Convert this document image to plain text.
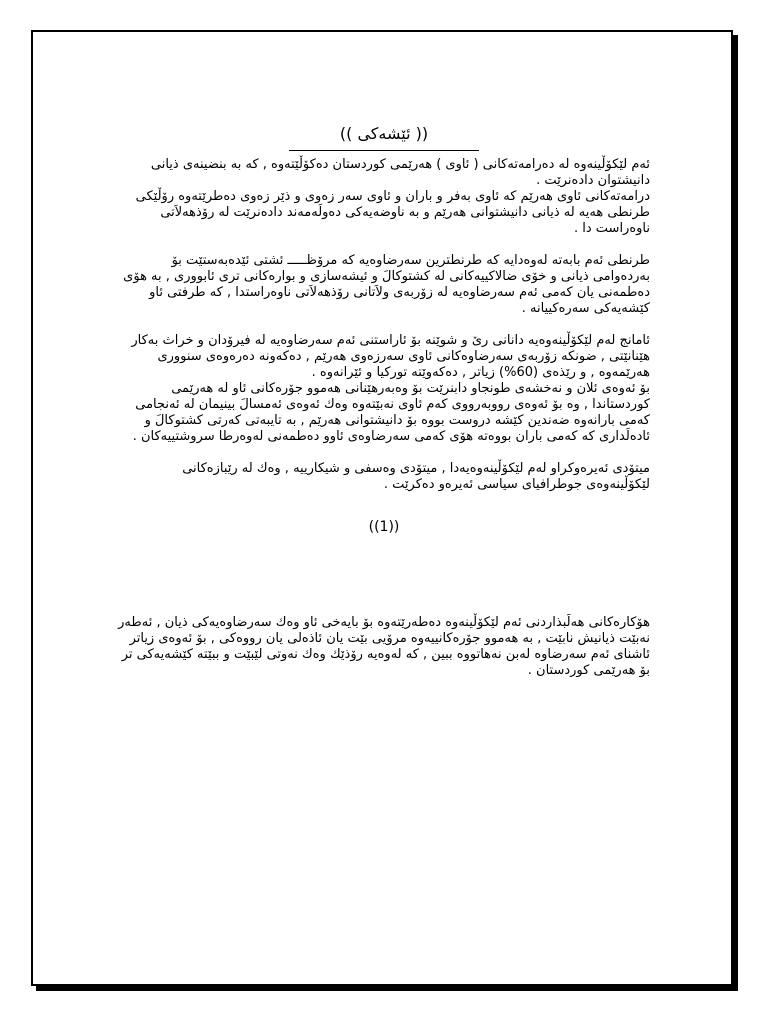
(( ئێشەکی ))

ئەم لێکۆڵینەوە لە دەرامەتەکانی ( ئاوی ) هەرێمی کوردستان دەکۆڵێتەوە , کە بە بنضینەی ذیانی دانیشتوان دادەنرێت .

درامەتەکانی ئاوی هەرێم کە ئاوی بەفر و باران و ئاوی سەر زەوی و ذێر زەوی دەطرێتەوە رۆڵێکی طرنطی هەیە لە ذیانی دانیشتوانی هەرێم و بە ناوضەیەکی دەولَەمەند دادەنرێت لە رۆذهەلاَتی ناوەراست دا .

طرنطی ئەم بابەتە لەوەدایە کە طرنطترین سەرضاوەیە کە مرۆظـــــ ئشتی ئێدەبەستێت بۆ بەردەوامی ذیانی و خۆی ضالاکییەکانی لە کشتوکالَ و ئیشەسازی و بوارەکانی تری ئابووری , بە هۆی دەطمەنی یان کەمی ئەم سەرضاوەیە لە زۆربەی ولاَتانی رۆذهەلاَتی ناوەراستدا , کە طرفتی ئاو کێشەیەکی سەرەکییانە .

ئامانج لەم لێکۆڵینەوەیە دانانی رێ و شوێنە بۆ ئاراستنی ئەم سەرضاوەیە لە فیرۆدان و خراث بەکار هێنانێتی , ضونکە زۆربەی سەرضاوەکانی ئاوی سەرزەوی هەرێم , دەکەونە دەرەوەی سنووری هەرێمەوە , و رێذەی (60%) زیاتر , دەکەوێتە تورکیا و ئێرانەوە .

بۆ ئەوەی ئلان و نەخشەی طونجاو دابنرێت بۆ وەبەرهێنانی هەموو جۆرەکانی ئاو لە هەرێمی کوردستاندا , وە بۆ ئەوەی رووبەرووی کەم ئاوی نەبێتەوە وەك ئەوەی ئەمسالَ بینیمان لە ئەنجامی کەمی بارانەوە ضەندین کێشە دروست بووە بۆ دانیشتوانی هەرێم , بە تایبەتی کەرتی کشتوکالَ و ئادەلَداری کە کەمی باران بووەتە هۆی کەمی سەرضاوەی ئاوو دەطمەنی لەوەرطا سروشتییەکان .

میتۆدی ئەیرەوکراو لەم لێکۆڵینەوەیەدا , میتۆدی وەسفی و شیکارییە , وەك لە رێبازەکانی لێکۆڵینەوەی جوطرافیای سیاسی ئەیرەو دەکرێت .

((1))

هۆکارەکانی هەلَبذاردنی ئەم لێکۆڵینەوە دەطەرێتەوە بۆ بایەخی ئاو وەك سەرضاوەیەکی ذیان , ئەطەر نەبێت ذیانیش نابێت , بە هەموو جۆرەکانییەوە مرۆیی بێت یان ئاذەلی یان رووەکی , بۆ ئەوەی زیاتر ئاشنای ئەم سەرضاوە لەبن نەهاتووە ببین , کە لەوەیە رۆذێك وەك نەوتی لێبێت و ببێتە کێشەیەکی تر بۆ هەرێمی کوردستان .
